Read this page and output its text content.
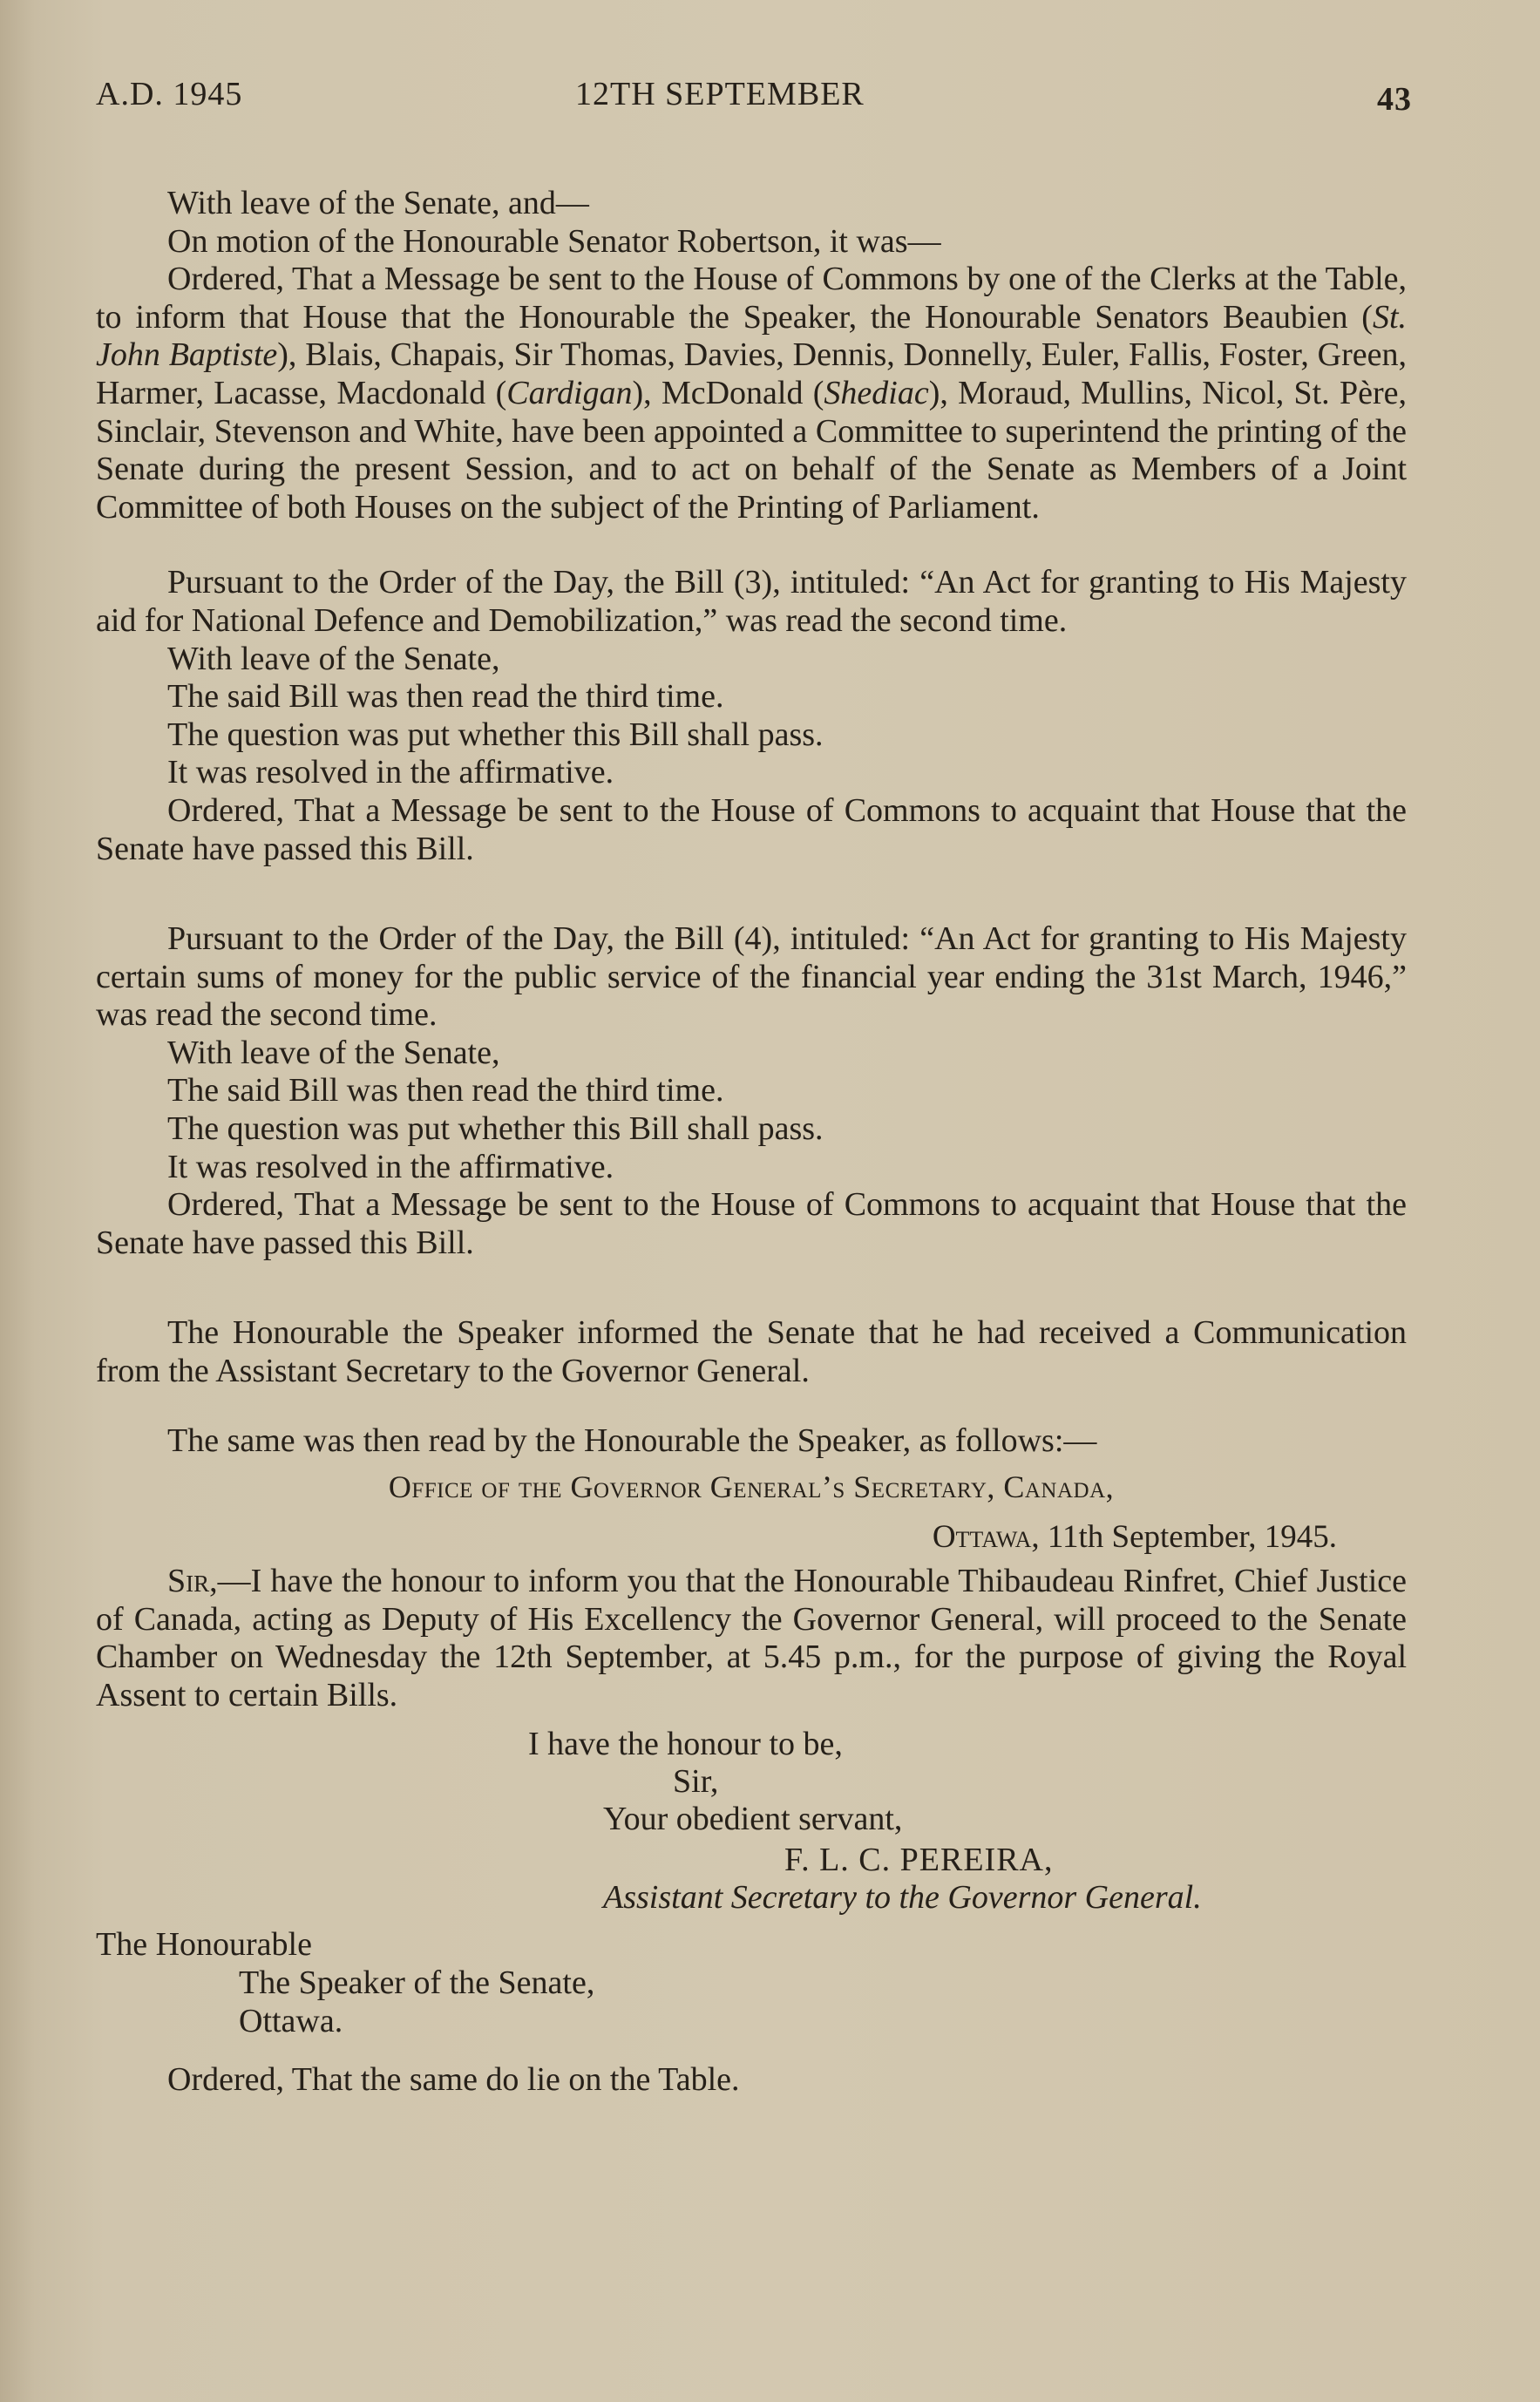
A.D. 1945	12TH SEPTEMBER	43
With leave of the Senate, and—
On motion of the Honourable Senator Robertson, it was—

Ordered, That a Message be sent to the House of Commons by one of the Clerks at the Table, to inform that House that the Honourable the Speaker, the Honourable Senators Beaubien (St. John Baptiste), Blais, Chapais, Sir Thomas, Davies, Dennis, Donnelly, Euler, Fallis, Foster, Green, Harmer, Lacasse, Macdonald (Cardigan), McDonald (Shediac), Moraud, Mullins, Nicol, St. Père, Sinclair, Stevenson and White, have been appointed a Committee to superintend the printing of the Senate during the present Session, and to act on behalf of the Senate as Members of a Joint Committee of both Houses on the subject of the Printing of Parliament.

Pursuant to the Order of the Day, the Bill (3), intituled: “An Act for granting to His Majesty aid for National Defence and Demobilization,” was read the second time.

With leave of the Senate,
The said Bill was then read the third time.
The question was put whether this Bill shall pass.
It was resolved in the affirmative.

Ordered, That a Message be sent to the House of Commons to acquaint that House that the Senate have passed this Bill.

Pursuant to the Order of the Day, the Bill (4), intituled: “An Act for granting to His Majesty certain sums of money for the public service of the financial year ending the 31st March, 1946,” was read the second time.

With leave of the Senate,
The said Bill was then read the third time.
The question was put whether this Bill shall pass.
It was resolved in the affirmative.

Ordered, That a Message be sent to the House of Commons to acquaint that House that the Senate have passed this Bill.

The Honourable the Speaker informed the Senate that he had received a Communication from the Assistant Secretary to the Governor General.

The same was then read by the Honourable the Speaker, as follows:—
Office of the Governor General’s Secretary, Canada,
Ottawa, 11th September, 1945.

Sir,—I have the honour to inform you that the Honourable Thibaudeau Rinfret, Chief Justice of Canada, acting as Deputy of His Excellency the Governor General, will proceed to the Senate Chamber on Wednesday the 12th September, at 5.45 p.m., for the purpose of giving the Royal Assent to certain Bills.

I have the honour to be,
Sir,
Your obedient servant,
F. L. C. PEREIRA,
Assistant Secretary to the Governor General.
The Honourable
The Speaker of the Senate,
Ottawa.
Ordered, That the same do lie on the Table.
